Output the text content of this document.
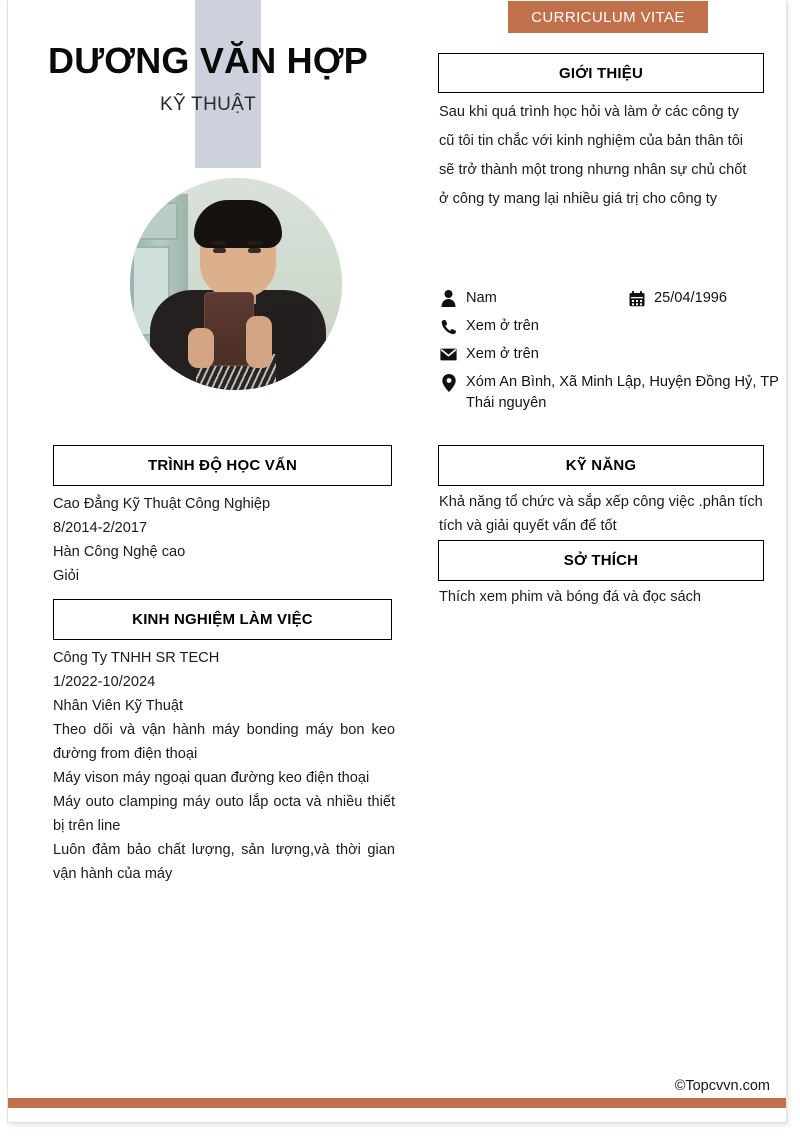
CURRICULUM VITAE
DƯƠNG VĂN HỢP
KỸ THUẬT
TRÌNH ĐỘ HỌC VẤN
Cao Đẳng Kỹ Thuật Công Nghiệp
8/2014-2/2017
Hàn Công Nghệ cao
Giỏi
KINH NGHIỆM LÀM VIỆC
Công Ty TNHH SR TECH
1/2022-10/2024
Nhân Viên Kỹ Thuật
Theo dõi và vận hành máy bonding máy bon keo đường from điện thoại
Máy vison máy ngoại quan đường keo điện thoại
Máy outo clamping máy outo lắp octa và nhiều thiết bị trên line
Luôn đảm bảo chất lượng, sản lượng,và thời gian vận hành của máy
GIỚI THIỆU
Sau khi quá trình học hỏi và làm ở các công ty cũ tôi tin chắc với kinh nghiệm của bản thân tôi sẽ trở thành một trong nhưng nhân sự chủ chốt ở công ty mang lại nhiều giá trị cho công ty
Nam	25/04/1996
Xem ở trên
Xem ở trên
Xóm An Bình, Xã Minh Lập, Huyện Đồng Hỷ, TP Thái nguyên
KỸ NĂNG
Khả năng tổ chức và sắp xếp công việc .phân tích tích và giải quyết vấn để tốt
SỞ THÍCH
Thích xem phim và bóng đá và đọc sách
©Topcvvn.com
